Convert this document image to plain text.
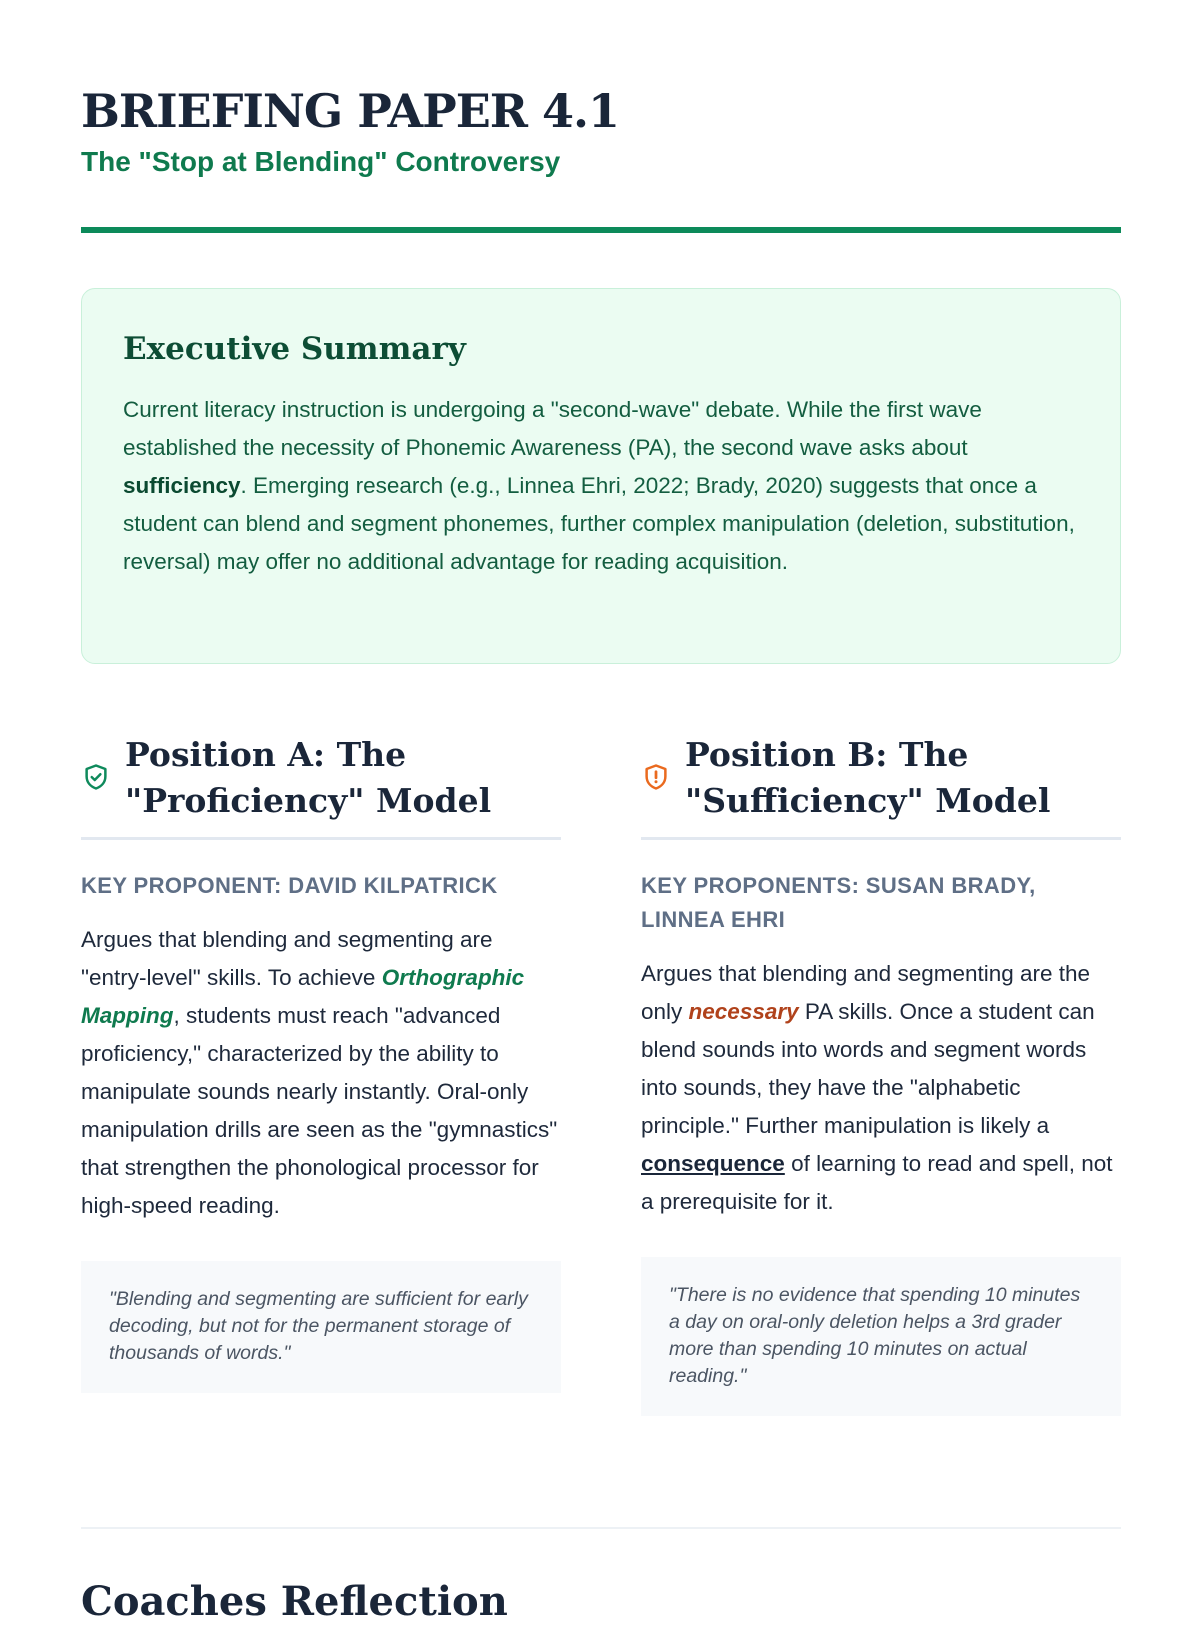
BRIEFING PAPER 4.1
The "Stop at Blending" Controversy
Executive Summary

Current literacy instruction is undergoing a "second-wave" debate. While the first wave established the necessity of Phonemic Awareness (PA), the second wave asks about sufficiency. Emerging research (e.g., Linnea Ehri, 2022; Brady, 2020) suggests that once a student can blend and segment phonemes, further complex manipulation (deletion, substitution, reversal) may offer no additional advantage for reading acquisition.

Position A: The "Proficiency" Model

KEY PROPONENT: DAVID KILPATRICK

Argues that blending and segmenting are "entry-level" skills. To achieve Orthographic Mapping, students must reach "advanced proficiency," characterized by the ability to manipulate sounds nearly instantly. Oral-only manipulation drills are seen as the "gymnastics" that strengthen the phonological processor for high-speed reading.

"Blending and segmenting are sufficient for early decoding, but not for the permanent storage of thousands of words."
Position B: The "Sufficiency" Model

KEY PROPONENTS: SUSAN BRADY, LINNEA EHRI

Argues that blending and segmenting are the only necessary PA skills. Once a student can blend sounds into words and segment words into sounds, they have the "alphabetic principle." Further manipulation is likely a consequence of learning to read and spell, not a prerequisite for it.

"There is no evidence that spending 10 minutes a day on oral-only deletion helps a 3rd grader more than spending 10 minutes on actual reading."
Coaches Reflection
